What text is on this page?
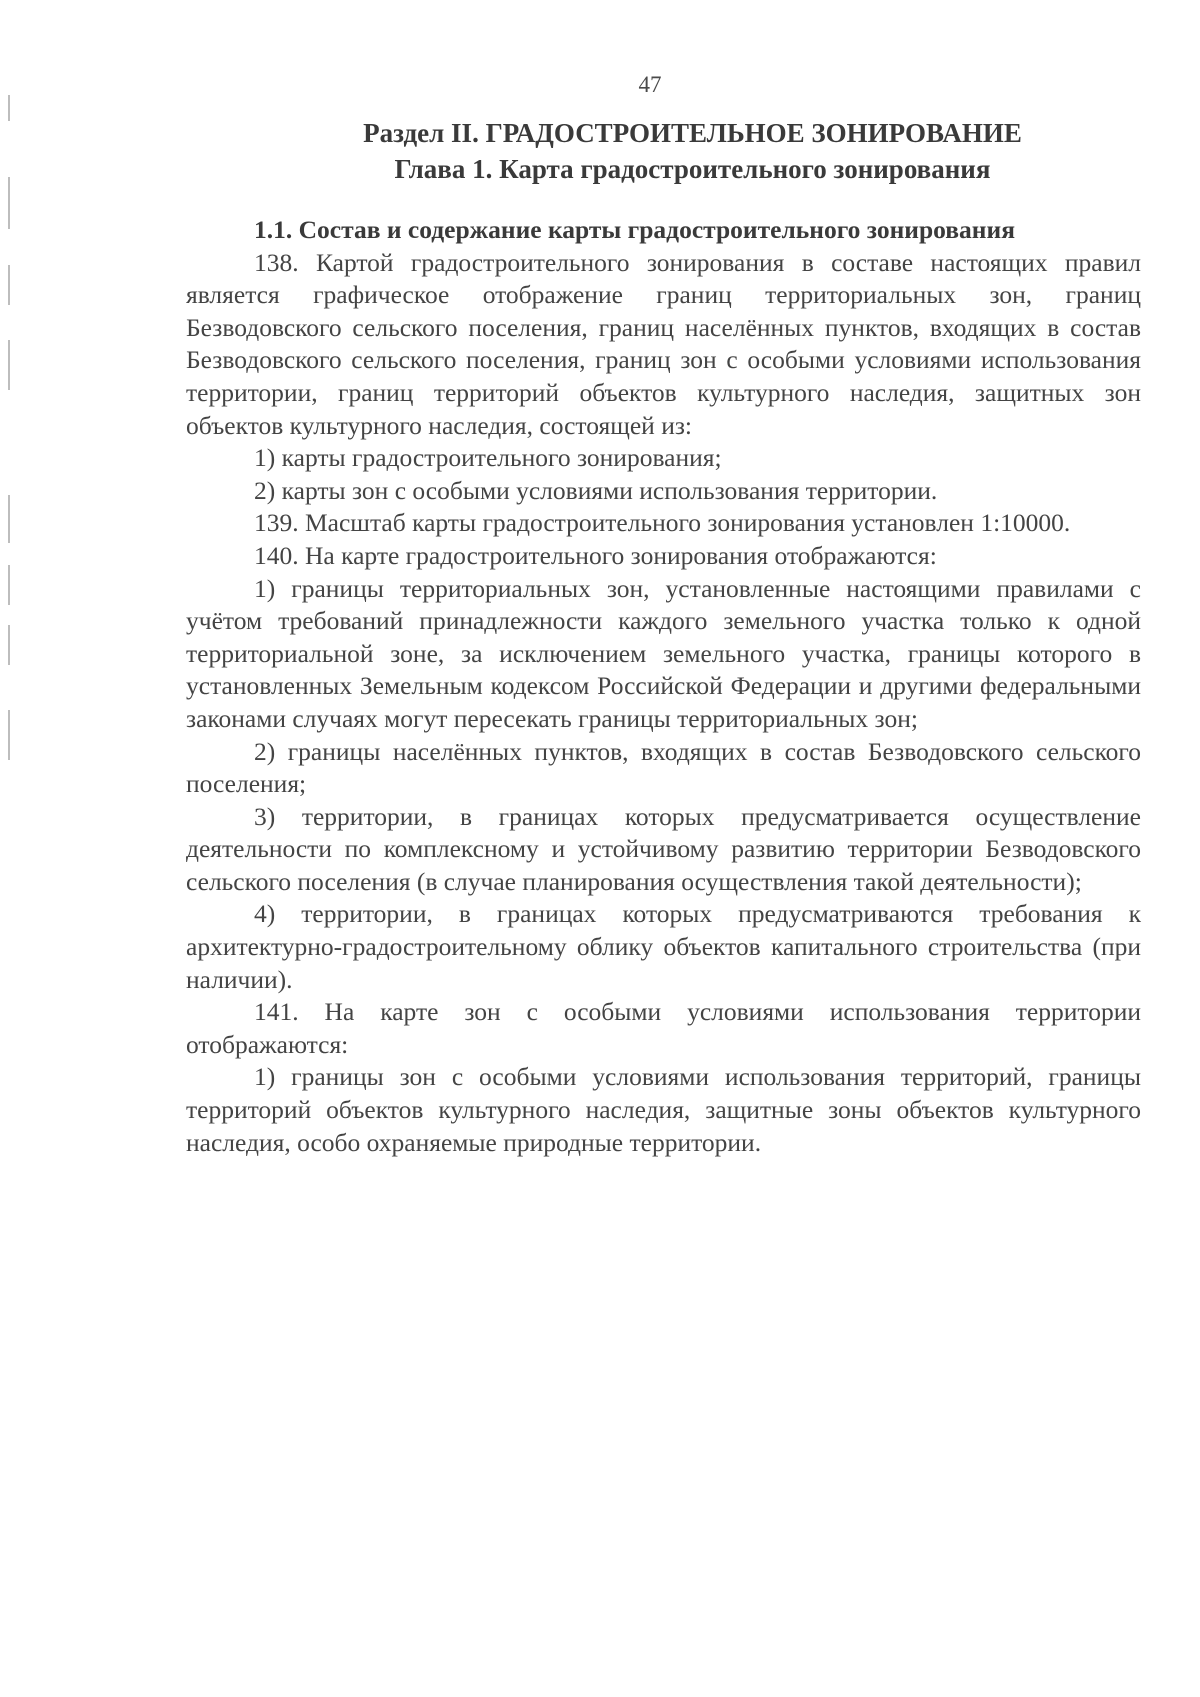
47
Раздел II. ГРАДОСТРОИТЕЛЬНОЕ ЗОНИРОВАНИЕ
Глава 1. Карта градостроительного зонирования

1.1. Состав и содержание карты градостроительного зонирования

138. Картой градостроительного зонирования в составе настоящих правил является графическое отображение границ территориальных зон, границ Безводовского сельского поселения, границ населённых пунктов, входящих в состав Безводовского сельского поселения, границ зон с особыми условиями использования территории, границ территорий объектов культурного наследия, защитных зон объектов культурного наследия, состоящей из:

1) карты градостроительного зонирования;

2) карты зон с особыми условиями использования территории.

139. Масштаб карты градостроительного зонирования установлен 1:10000.

140. На карте градостроительного зонирования отображаются:

1) границы территориальных зон, установленные настоящими правилами с учётом требований принадлежности каждого земельного участка только к одной территориальной зоне, за исключением земельного участка, границы которого в установленных Земельным кодексом Российской Федерации и другими федеральными законами случаях могут пересекать границы территориальных зон;

2) границы населённых пунктов, входящих в состав Безводовского сельского поселения;

3) территории, в границах которых предусматривается осуществление деятельности по комплексному и устойчивому развитию территории Безводовского сельского поселения (в случае планирования осуществления такой деятельности);

4) территории, в границах которых предусматриваются требования к архитектурно-градостроительному облику объектов капитального строительства (при наличии).

141. На карте зон с особыми условиями использования территории отображаются:

1) границы зон с особыми условиями использования территорий, границы территорий объектов культурного наследия, защитные зоны объектов культурного наследия, особо охраняемые природные территории.
